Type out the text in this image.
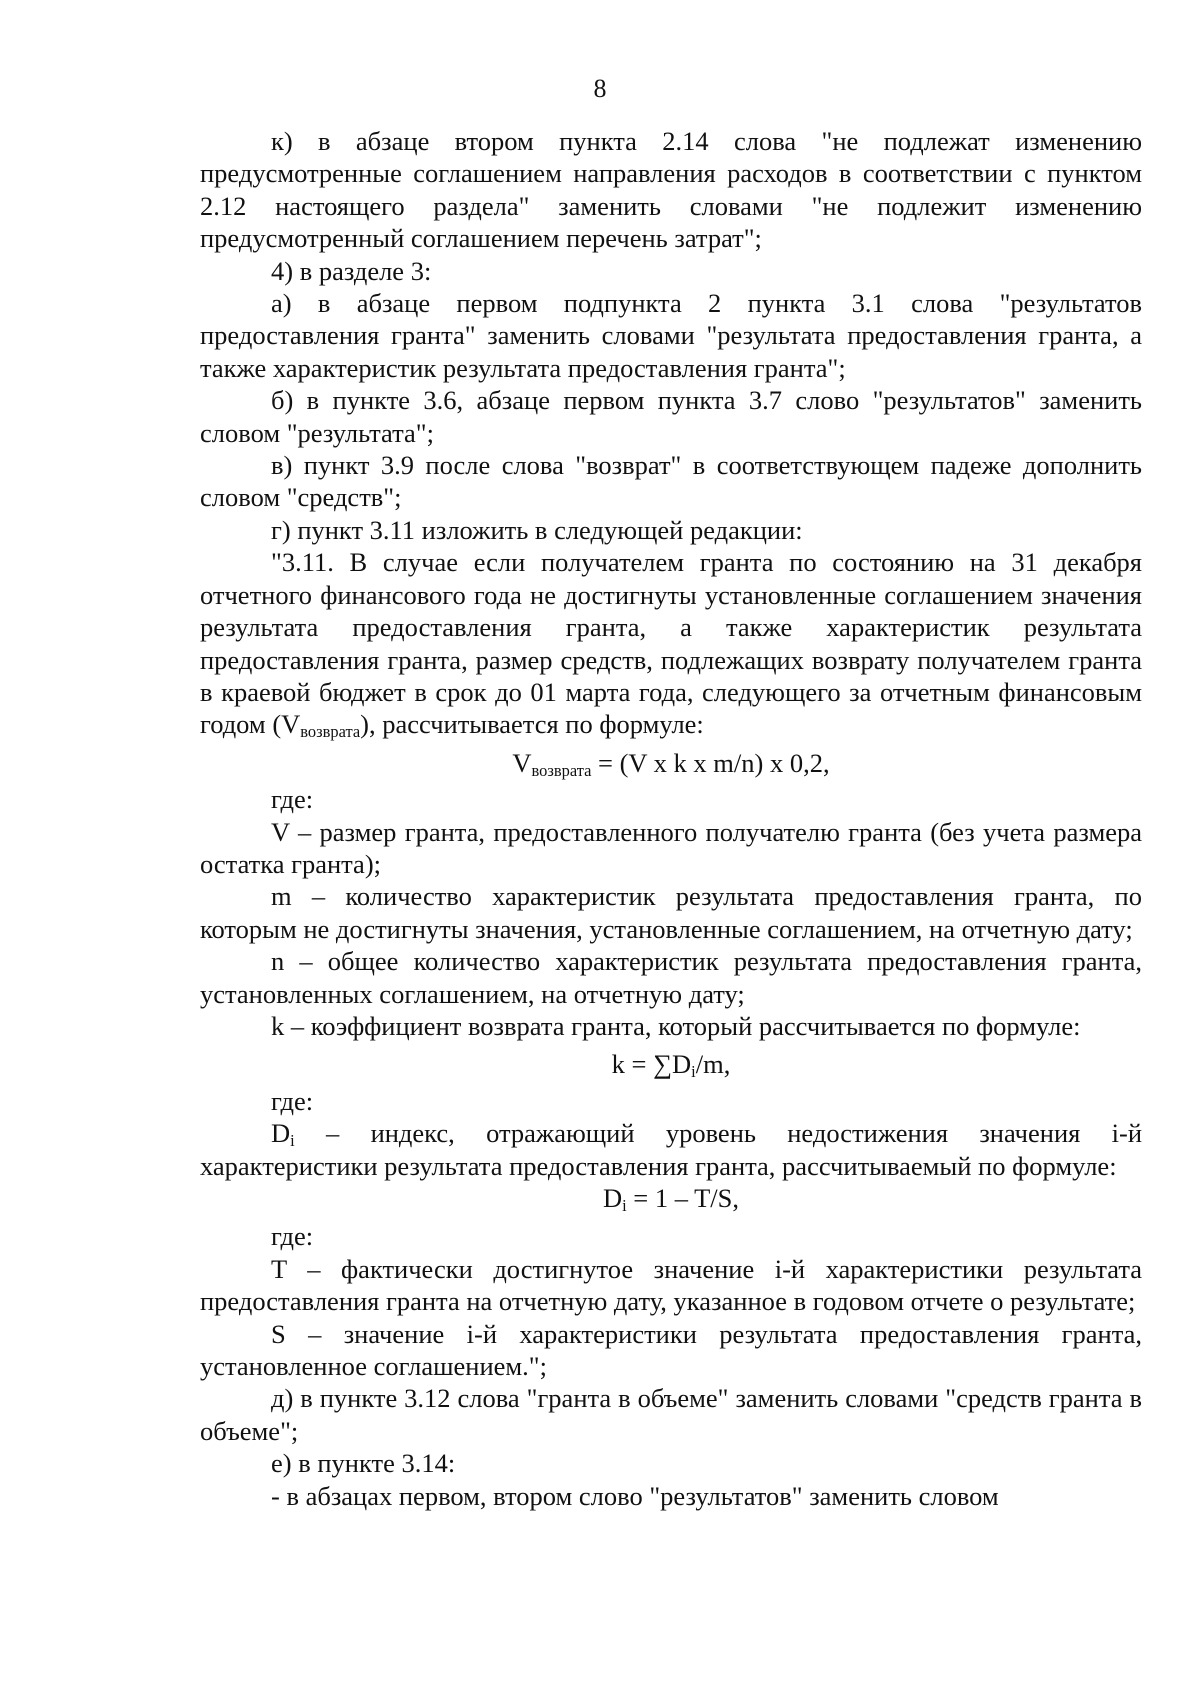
8

к) в абзаце втором пункта 2.14 слова "не подлежат изменению предусмотренные соглашением направления расходов в соответствии с пунктом 2.12 настоящего раздела" заменить словами "не подлежит изменению предусмотренный соглашением перечень затрат";

4) в разделе 3:

а) в абзаце первом подпункта 2 пункта 3.1 слова "результатов предоставления гранта" заменить словами "результата предоставления гранта, а также характеристик результата предоставления гранта";

б) в пункте 3.6, абзаце первом пункта 3.7 слово "результатов" заменить словом "результата";

в) пункт 3.9 после слова "возврат" в соответствующем падеже дополнить словом "средств";

г) пункт 3.11 изложить в следующей редакции:

"3.11. В случае если получателем гранта по состоянию на 31 декабря отчетного финансового года не достигнуты установленные соглашением значения результата предоставления гранта, а также характеристик результата предоставления гранта, размер средств, подлежащих возврату получателем гранта в краевой бюджет в срок до 01 марта года, следующего за отчетным финансовым годом $(V_{возврата})$, рассчитывается по формуле:

$V_{возврата} = (V$ x k x m/n) x 0,2,

где:

V – размер гранта, предоставленного получателю гранта (без учета размера остатка гранта);

m – количество характеристик результата предоставления гранта, по которым не достигнуты значения, установленные соглашением, на отчетную дату;

n – общее количество характеристик результата предоставления гранта, установленных соглашением, на отчетную дату;

k – коэффициент возврата гранта, который рассчитывается по формуле:

$k = \sum D_i/m$,

где:

$D_i$ – индекс, отражающий уровень недостижения значения i-й характеристики результата предоставления гранта, рассчитываемый по формуле:

$D_i = 1 - T/S$,

где:

T – фактически достигнутое значение i-й характеристики результата предоставления гранта на отчетную дату, указанное в годовом отчете о результате;

S – значение i-й характеристики результата предоставления гранта, установленное соглашением.";

д) в пункте 3.12 слова "гранта в объеме" заменить словами "средств гранта в объеме";

е) в пункте 3.14:

- в абзацах первом, втором слово "результатов" заменить словом
